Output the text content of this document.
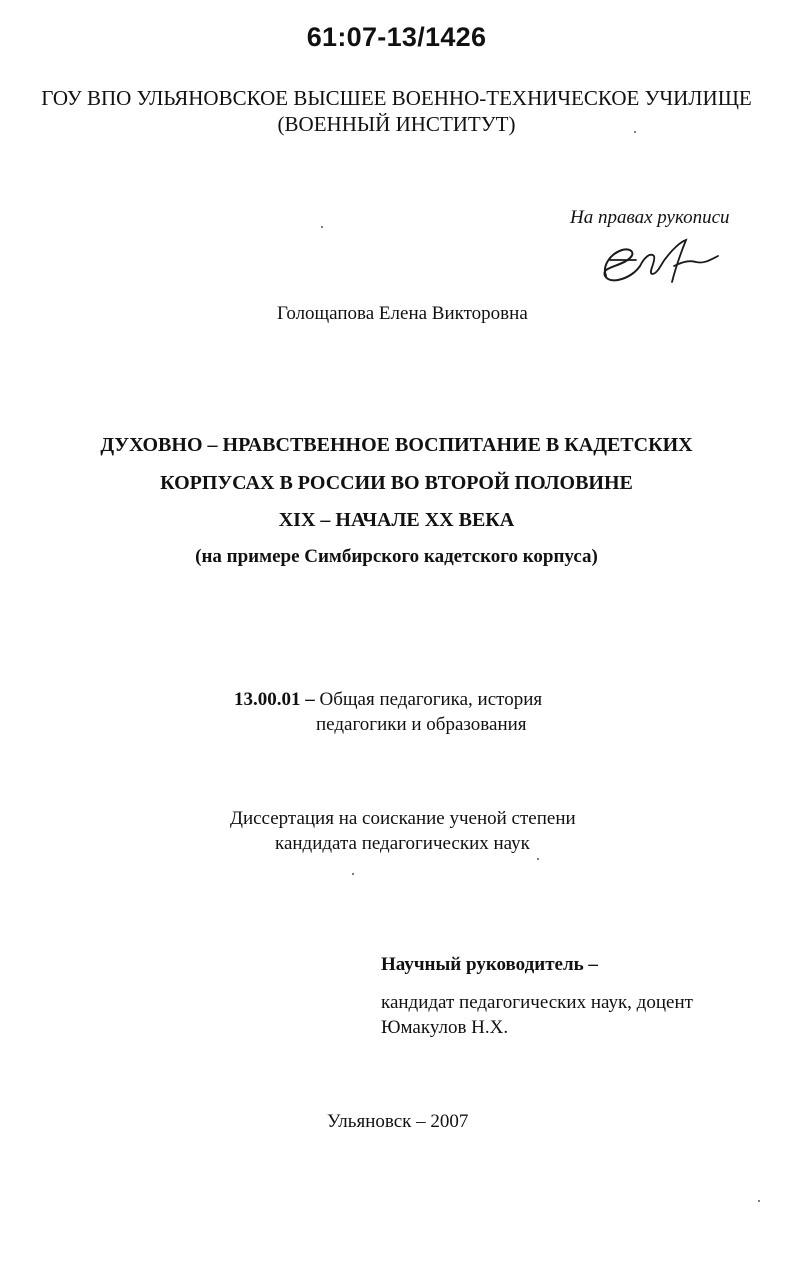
61:07-13/1426
ГОУ ВПО УЛЬЯНОВСКОЕ ВЫСШЕЕ ВОЕННО-ТЕХНИЧЕСКОЕ УЧИЛИЩЕ
(ВОЕННЫЙ ИНСТИТУТ)
На правах рукописи
Голощапова Елена Викторовна
ДУХОВНО – НРАВСТВЕННОЕ ВОСПИТАНИЕ В КАДЕТСКИХ
КОРПУСАХ В РОССИИ ВО ВТОРОЙ ПОЛОВИНЕ
XIX – НАЧАЛЕ XX ВЕКА
(на примере Симбирского кадетского корпуса)
13.00.01 – Общая педагогика, история
педагогики и образования
Диссертация на соискание ученой степени
кандидата педагогических наук
Научный руководитель –
кандидат педагогических наук, доцент
Юмакулов Н.Х.
Ульяновск – 2007
